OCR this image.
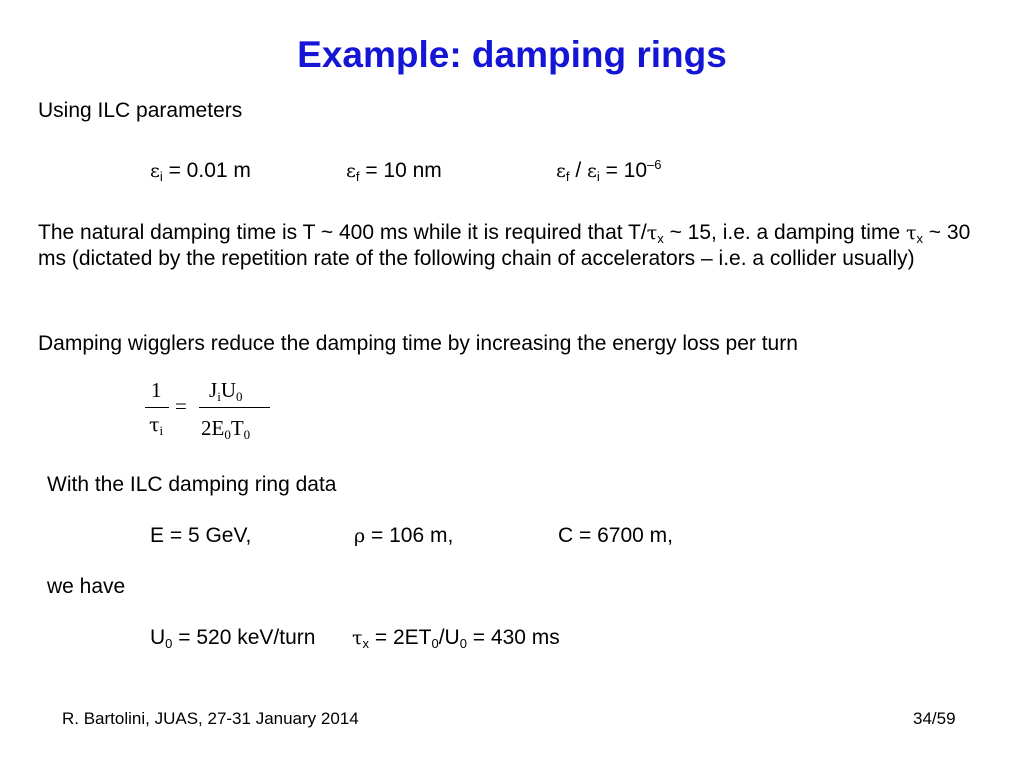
Example: damping rings
Using ILC parameters
$\varepsilon_i = 0.01$ m	$\varepsilon_f = 10$ nm	$\varepsilon_f / \varepsilon_i = 10^{-6}$
The natural damping time is T ~ 400 ms while it is required that $T/\tau_x$ ~ 15, i.e. a damping time $\tau_x$ ~ 30 ms (dictated by the repetition rate of the following chain of accelerators – i.e. a collider usually)
Damping wigglers reduce the damping time by increasing the energy loss per turn
1
$\tau_i$
=
$J_iU_0$
$2E_0T_0$
With the ILC damping ring data
E = 5 GeV,	ρ = 106 m,	C = 6700 m,
we have
$U_0 = 520$ keV/turn $\tau_x = 2ET_0/U_0 = 430$ ms
R. Bartolini, JUAS, 27-31 January 2014	34/59
